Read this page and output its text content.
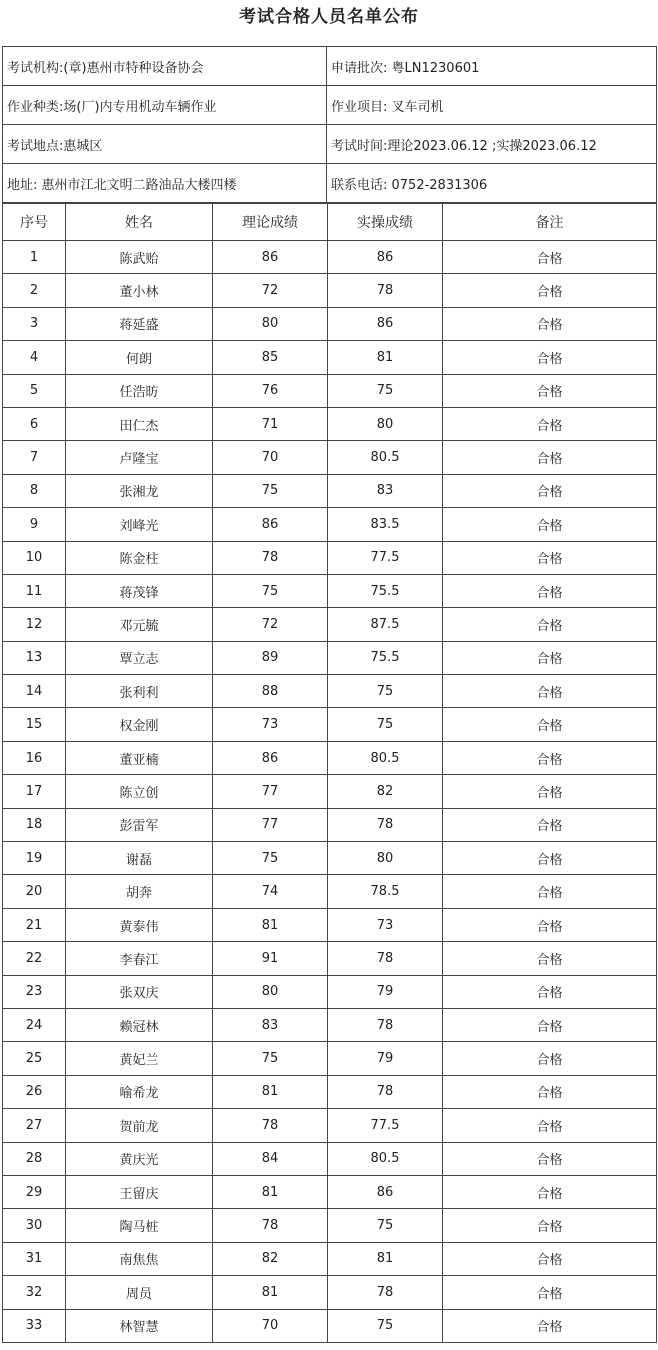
考试合格人员名单公布
考试机构:(章)惠州市特种设备协会	申请批次: 粤LN1230601
作业种类:场(厂)内专用机动车辆作业	作业项目: 叉车司机
考试地点:惠城区	考试时间:理论2023.06.12 ;实操2023.06.12
地址: 惠州市江北文明二路油品大楼四楼	联系电话: 0752-2831306
序号	姓名	理论成绩	实操成绩	备注
1	陈武贻	86	86	合格
2	董小林	72	78	合格
3	蒋延盛	80	86	合格
4	何朗	85	81	合格
5	任浩昉	76	75	合格
6	田仁杰	71	80	合格
7	卢隆宝	70	80.5	合格
8	张湘龙	75	83	合格
9	刘峰光	86	83.5	合格
10	陈金柱	78	77.5	合格
11	蒋茂锋	75	75.5	合格
12	邓元毓	72	87.5	合格
13	覃立志	89	75.5	合格
14	张利利	88	75	合格
15	权金刚	73	75	合格
16	董亚楠	86	80.5	合格
17	陈立创	77	82	合格
18	彭雷军	77	78	合格
19	谢磊	75	80	合格
20	胡奔	74	78.5	合格
21	黄泰伟	81	73	合格
22	李春江	91	78	合格
23	张双庆	80	79	合格
24	赖冠林	83	78	合格
25	黄妃兰	75	79	合格
26	喻希龙	81	78	合格
27	贺前龙	78	77.5	合格
28	黄庆光	84	80.5	合格
29	王留庆	81	86	合格
30	陶马桩	78	75	合格
31	南焦焦	82	81	合格
32	周员	81	78	合格
33	林智慧	70	75	合格
